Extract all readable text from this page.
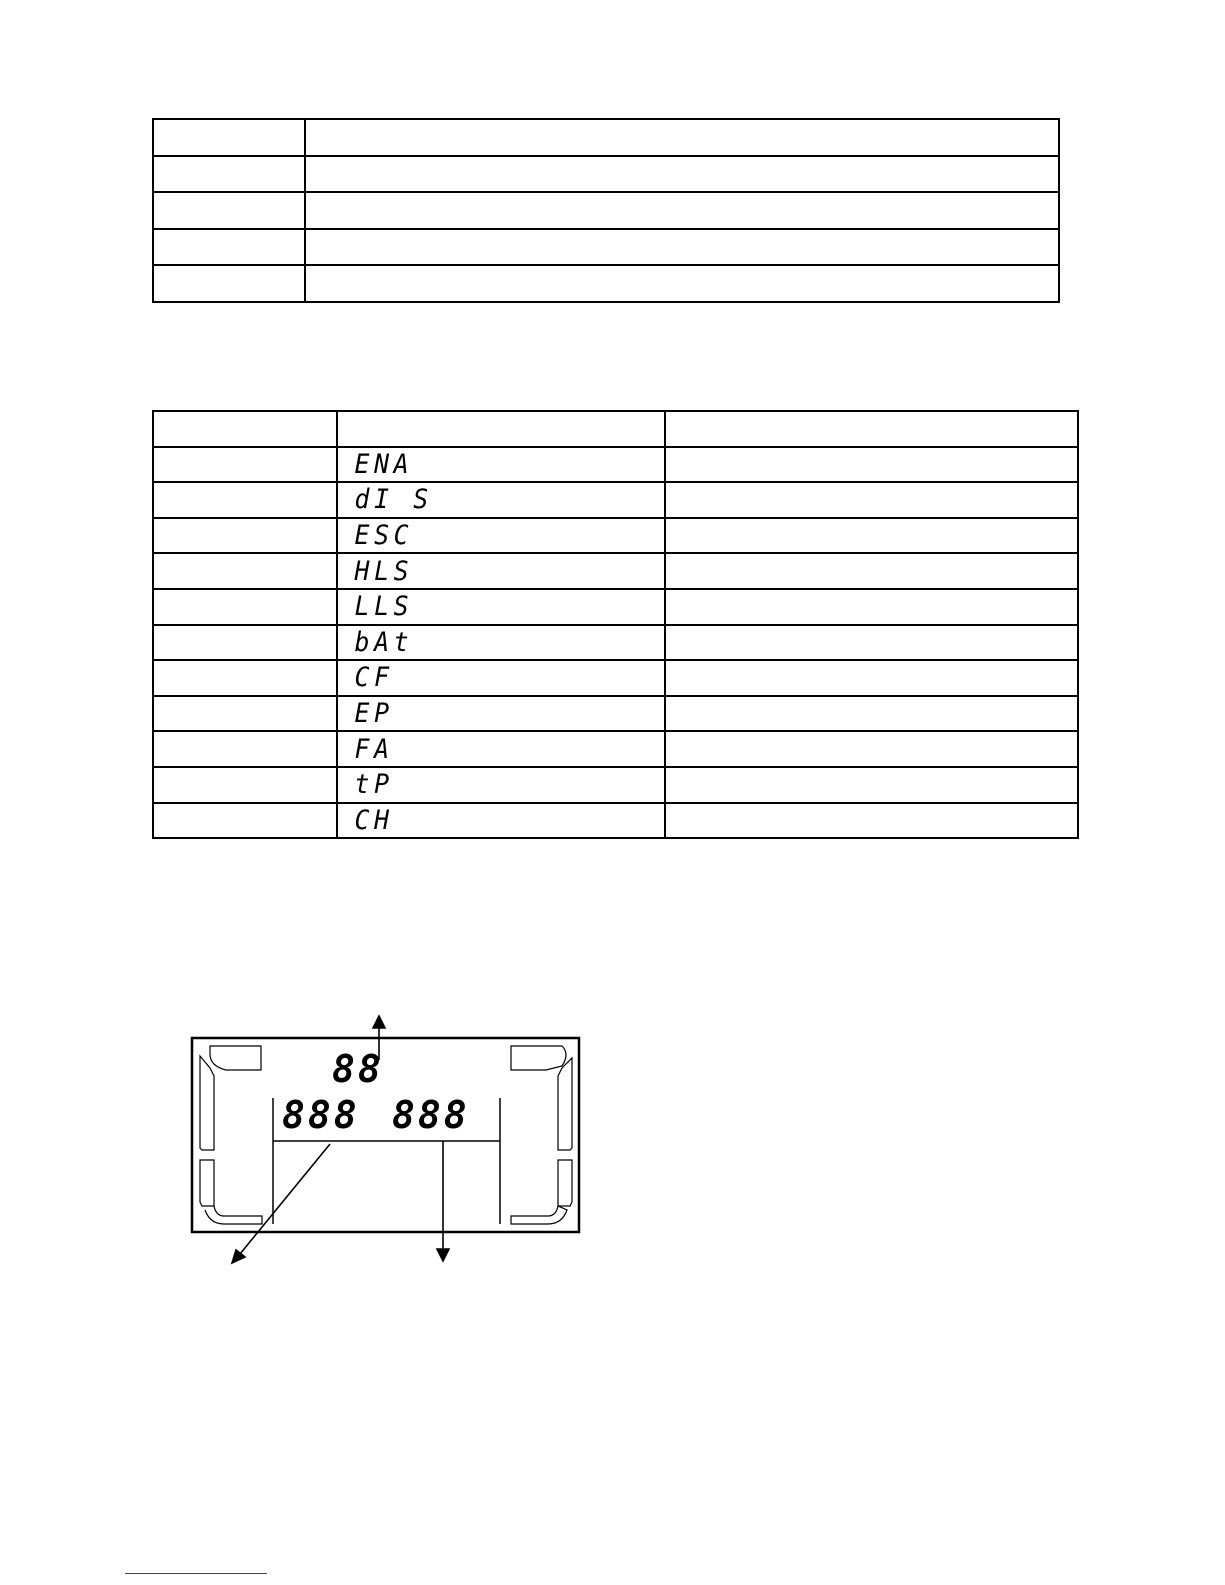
	ENA	
	dI S	
	ESC	
	HLS	
	LLS	
	bAt	
	CF	
	EP	
	FA	
	tP	
	CH	
88
888 888
